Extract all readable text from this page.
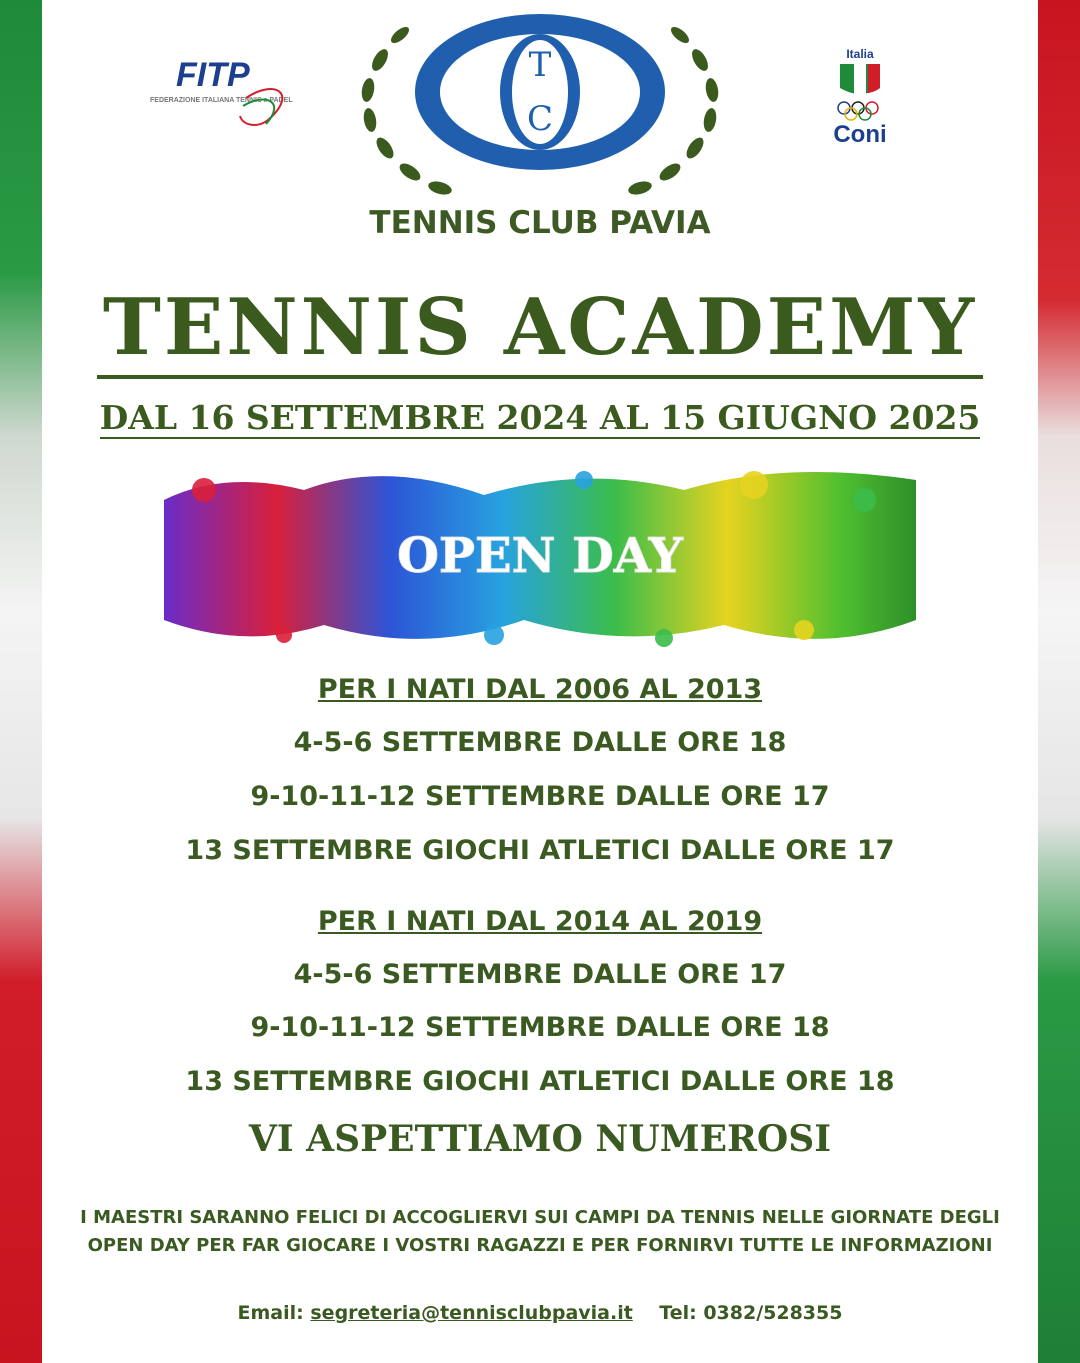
FITP
FEDERAZIONE ITALIANA TENNIS e PADEL
T
C
Italia
Coni
TENNIS CLUB PAVIA
TENNIS ACADEMY
DAL 16 SETTEMBRE 2024 AL 15 GIUGNO 2025
OPEN DAY
PER I NATI DAL 2006 AL 2013
4-5-6 SETTEMBRE DALLE ORE 18
9-10-11-12 SETTEMBRE DALLE ORE 17
13 SETTEMBRE GIOCHI ATLETICI DALLE ORE 17
PER I NATI DAL 2014 AL 2019
4-5-6 SETTEMBRE DALLE ORE 17
9-10-11-12 SETTEMBRE DALLE ORE 18
13 SETTEMBRE GIOCHI ATLETICI DALLE ORE 18
VI ASPETTIAMO NUMEROSI
I MAESTRI SARANNO FELICI DI ACCOGLIERVI SUI CAMPI DA TENNIS NELLE GIORNATE DEGLI
OPEN DAY PER FAR GIOCARE I VOSTRI RAGAZZI E PER FORNIRVI TUTTE LE INFORMAZIONI
Email: segreteria@tennisclubpavia.it Tel: 0382/528355
